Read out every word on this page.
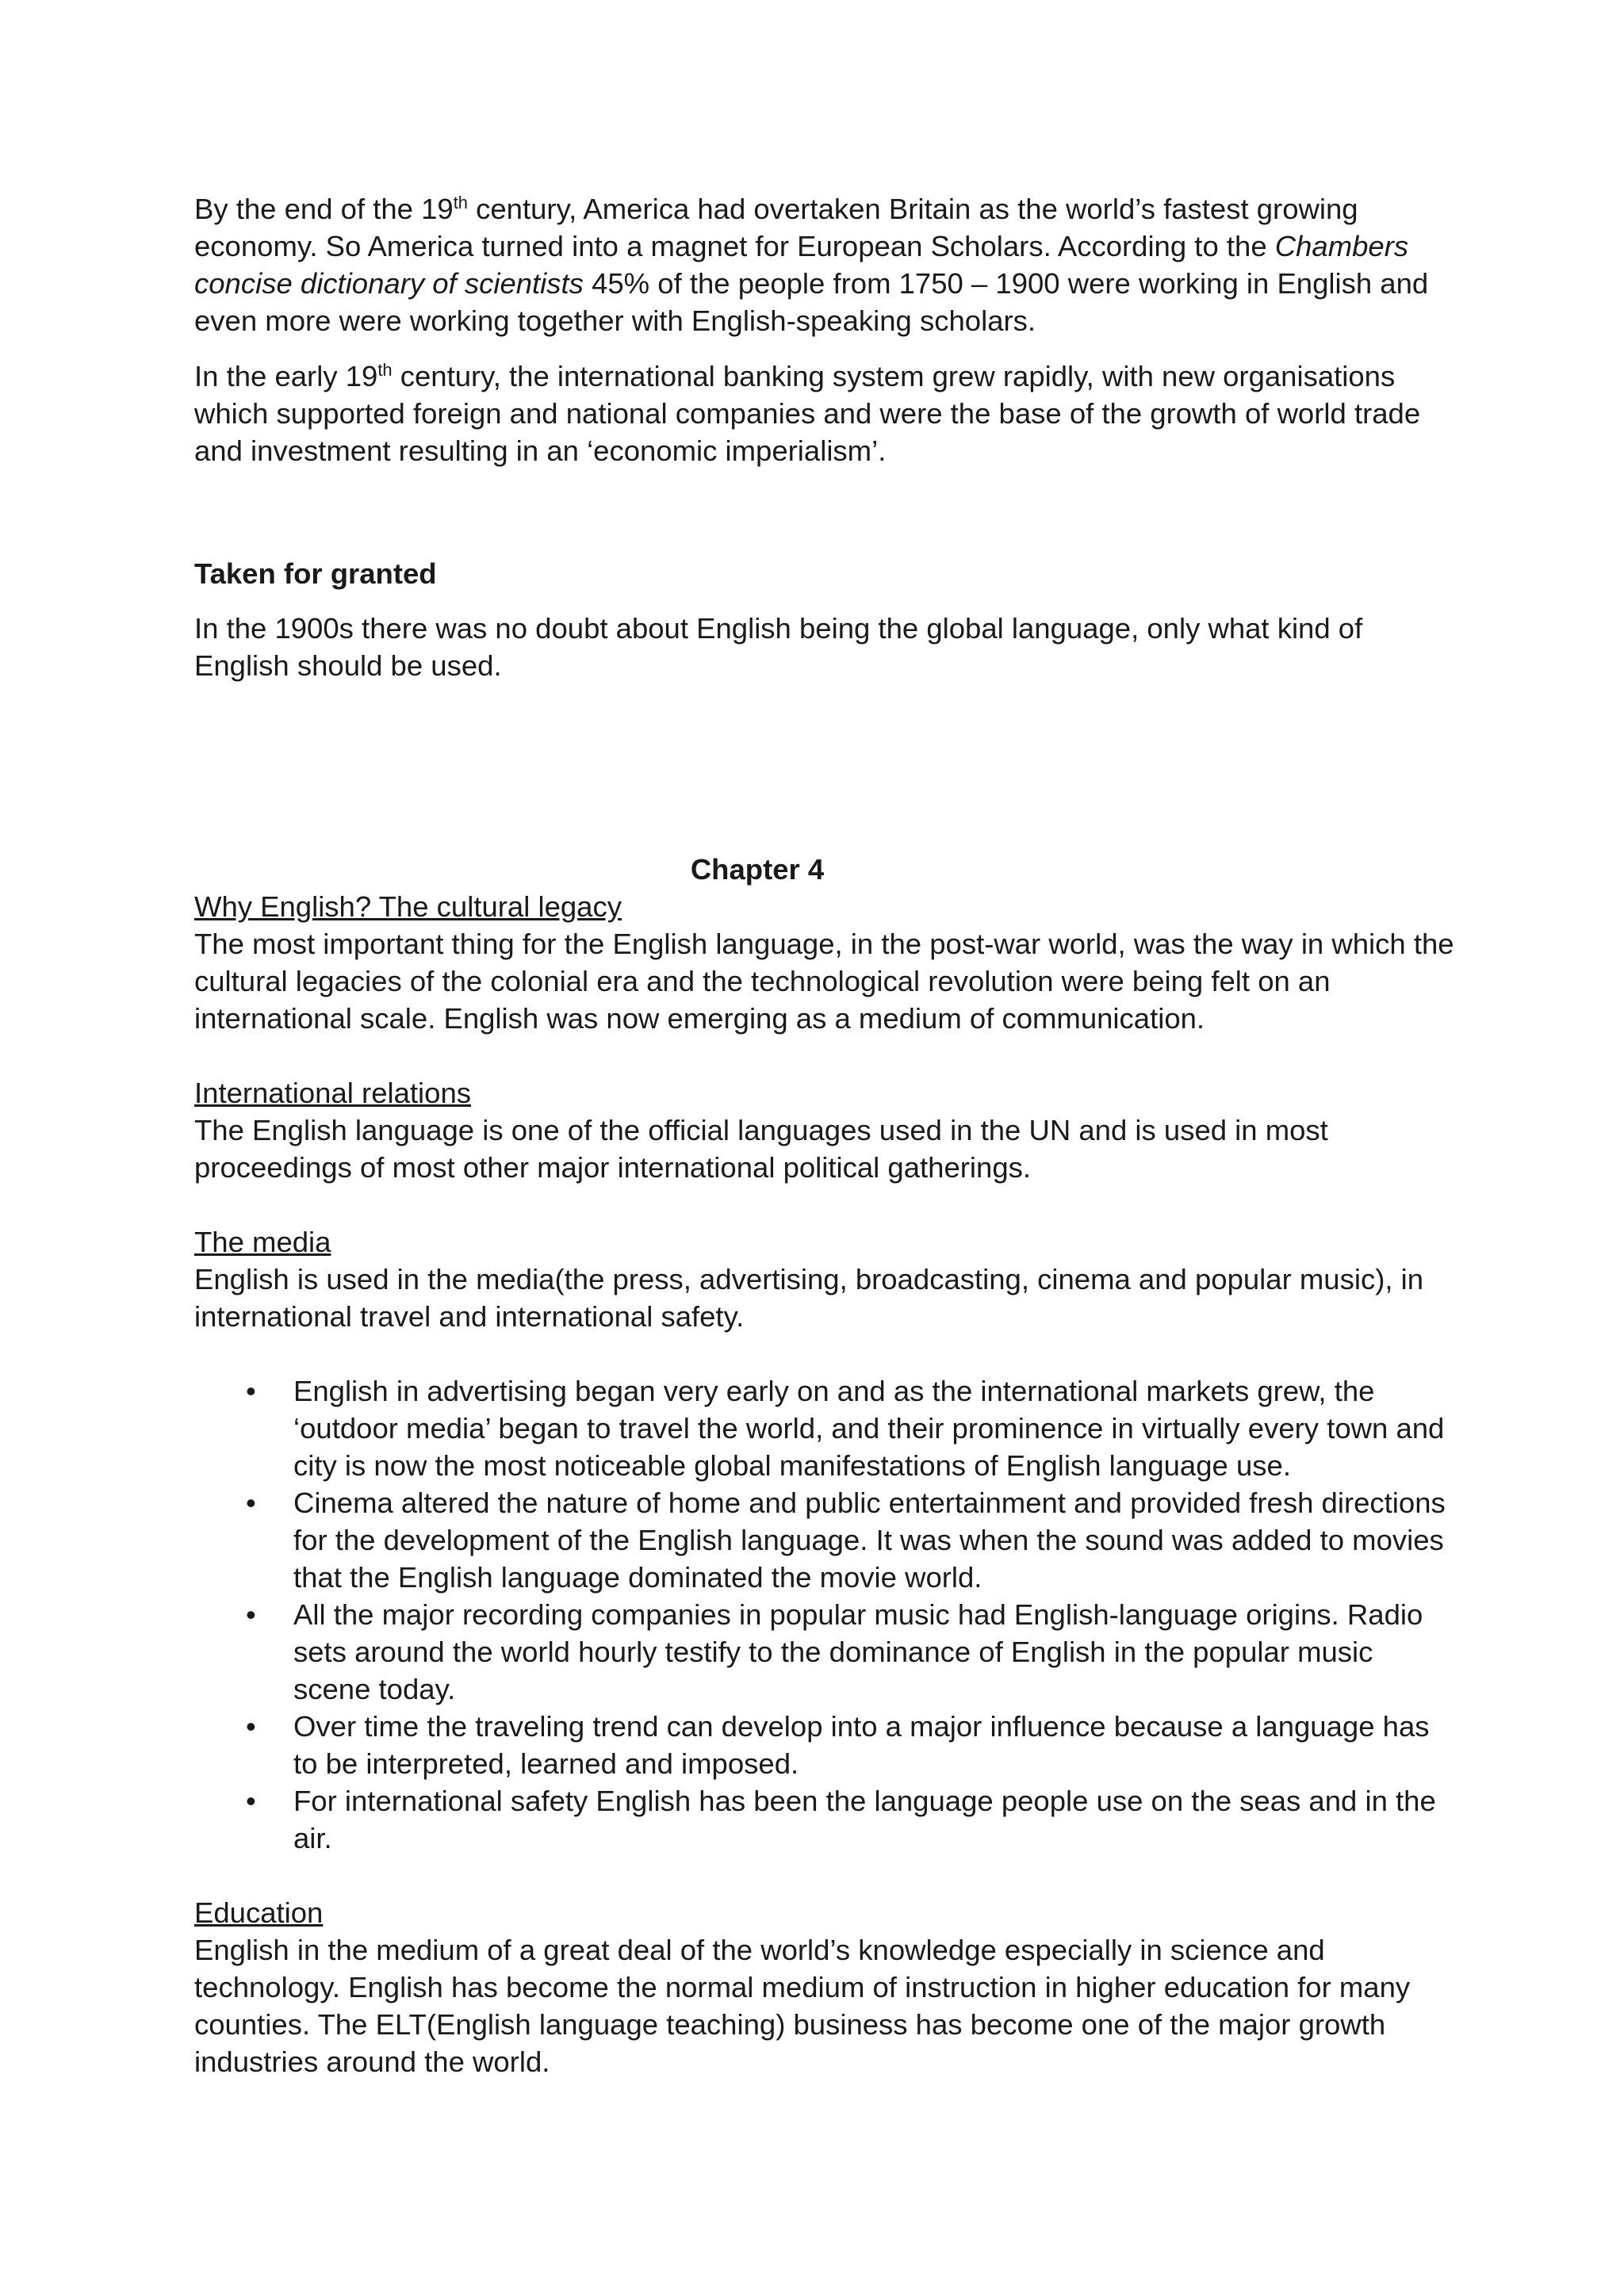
By the end of the 19th century, America had overtaken Britain as the world’s fastest growing economy. So America turned into a magnet for European Scholars. According to the Chambers concise dictionary of scientists 45% of the people from 1750 – 1900 were working in English and even more were working together with English-speaking scholars.

In the early 19th century, the international banking system grew rapidly, with new organisations which supported foreign and national companies and were the base of the growth of world trade and investment resulting in an ‘economic imperialism’.

Taken for granted

In the 1900s there was no doubt about English being the global language, only what kind of English should be used.

Chapter 4

Why English? The cultural legacy

The most important thing for the English language, in the post-war world, was the way in which the cultural legacies of the colonial era and the technological revolution were being felt on an international scale. English was now emerging as a medium of communication.

International relations

The English language is one of the official languages used in the UN and is used in most proceedings of most other major international political gatherings.

The media

English is used in the media(the press, advertising, broadcasting, cinema and popular music), in international travel and international safety.

• English in advertising began very early on and as the international markets grew, the ‘outdoor media’ began to travel the world, and their prominence in virtually every town and city is now the most noticeable global manifestations of English language use.
• Cinema altered the nature of home and public entertainment and provided fresh directions for the development of the English language. It was when the sound was added to movies that the English language dominated the movie world.
• All the major recording companies in popular music had English-language origins. Radio sets around the world hourly testify to the dominance of English in the popular music scene today.
• Over time the traveling trend can develop into a major influence because a language has to be interpreted, learned and imposed.
• For international safety English has been the language people use on the seas and in the air.

Education

English in the medium of a great deal of the world’s knowledge especially in science and technology. English has become the normal medium of instruction in higher education for many counties. The ELT(English language teaching) business has become one of the major growth industries around the world.
